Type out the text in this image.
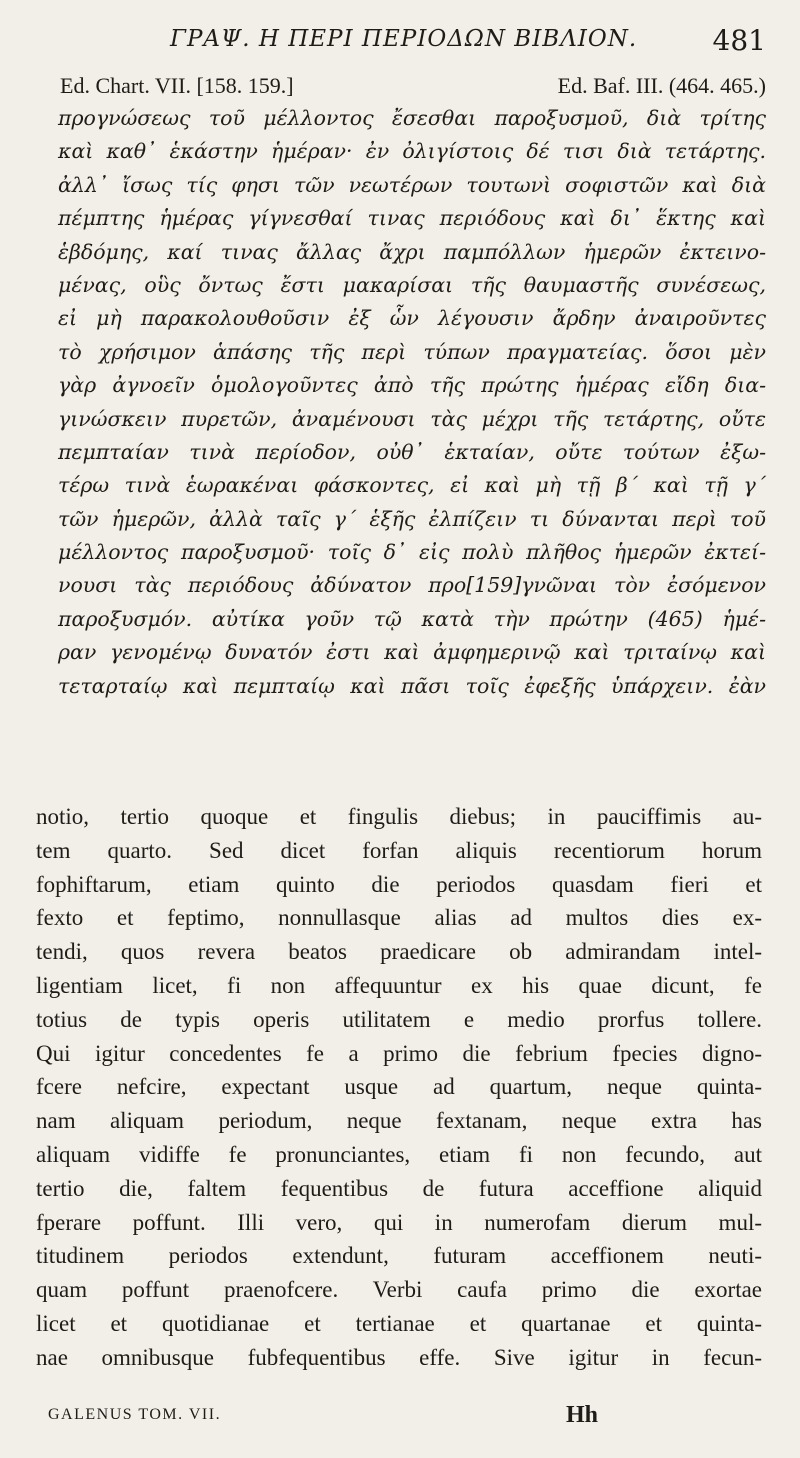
ΓΡΑΨ. Η ΠΕΡΙ ΠΕΡΙΟΔΩΝ ΒΙΒΛΙΟΝ.	481
Ed. Chart. VII. [158. 159.]	Ed. Baf. III. (464. 465.)
προγνώσεως τοῦ μέλλοντος ἔσεσθαι παροξυσμοῦ, διὰ τρίτης
καὶ καθ᾽ ἑκάστην ἡμέραν· ἐν ὀλιγίστοις δέ τισι διὰ τετάρτης.
ἀλλ᾽ ἴσως τίς φησι τῶν νεωτέρων τουτωνὶ σοφιστῶν καὶ διὰ
πέμπτης ἡμέρας γίγνεσθαί τινας περιόδους καὶ δι᾽ ἕκτης καὶ
ἑβδόμης, καί τινας ἄλλας ἄχρι παμπόλλων ἡμερῶν ἐκτεινο-
μένας, οὓς ὄντως ἔστι μακαρίσαι τῆς θαυμαστῆς συνέσεως,
εἰ μὴ παρακολουθοῦσιν ἐξ ὧν λέγουσιν ἄρδην ἀναιροῦντες
τὸ χρήσιμον ἁπάσης τῆς περὶ τύπων πραγματείας. ὅσοι μὲν
γὰρ ἀγνοεῖν ὁμολογοῦντες ἀπὸ τῆς πρώτης ἡμέρας εἴδη δια-
γινώσκειν πυρετῶν, ἀναμένουσι τὰς μέχρι τῆς τετάρτης, οὔτε
πεμπταίαν τινὰ περίοδον, οὐθ᾽ ἑκταίαν, οὔτε τούτων ἐξω-
τέρω τινὰ ἑωρακέναι φάσκοντες, εἰ καὶ μὴ τῇ β΄ καὶ τῇ γ΄
τῶν ἡμερῶν, ἀλλὰ ταῖς γ΄ ἑξῆς ἐλπίζειν τι δύνανται περὶ τοῦ
μέλλοντος παροξυσμοῦ· τοῖς δ᾽ εἰς πολὺ πλῆθος ἡμερῶν ἐκτεί-
νουσι τὰς περιόδους ἀδύνατον προ[159]γνῶναι τὸν ἐσόμενον
παροξυσμόν. αὐτίκα γοῦν τῷ κατὰ τὴν πρώτην (465) ἡμέ-
ραν γενομένῳ δυνατόν ἐστι καὶ ἀμφημερινῷ καὶ τριταίνῳ καὶ
τεταρταίῳ καὶ πεμπταίῳ καὶ πᾶσι τοῖς ἐφεξῆς ὑπάρχειν. ἐὰν
notio, tertio quoque et fingulis diebus; in pauciffimis au-
tem quarto. Sed dicet forfan aliquis recentiorum horum
fophiftarum, etiam quinto die periodos quasdam fieri et
fexto et feptimo, nonnullasque alias ad multos dies ex-
tendi, quos revera beatos praedicare ob admirandam intel-
ligentiam licet, fi non affequuntur ex his quae dicunt, fe
totius de typis operis utilitatem e medio prorfus tollere.
Qui igitur concedentes fe a primo die febrium fpecies digno-
fcere nefcire, expectant usque ad quartum, neque quinta-
nam aliquam periodum, neque fextanam, neque extra has
aliquam vidiffe fe pronunciantes, etiam fi non fecundo, aut
tertio die, faltem fequentibus de futura acceffione aliquid
fperare poffunt. Illi vero, qui in numerofam dierum mul-
titudinem periodos extendunt, futuram acceffionem neuti-
quam poffunt praenofcere. Verbi caufa primo die exortae
licet et quotidianae et tertianae et quartanae et quinta-
nae omnibusque fubfequentibus effe. Sive igitur in fecun-
GALENUS TOM. VII.	Hh
